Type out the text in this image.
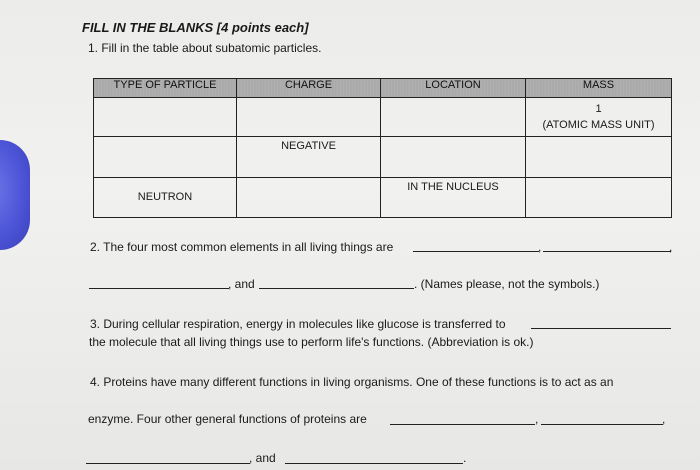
FILL IN THE BLANKS [4 points each]
1. Fill in the table about subatomic particles.
TYPE OF PARTICLE	CHARGE	LOCATION	MASS

			1
(ATOMIC MASS UNIT)

	NEGATIVE		
NEUTRON		IN THE NUCLEUS	
2. The four most common elements in all living things are	,	,
, and	. (Names please, not the symbols.)
3. During cellular respiration, energy in molecules like glucose is transferred to
the molecule that all living things use to perform life's functions. (Abbreviation is ok.)
4. Proteins have many different functions in living organisms. One of these functions is to act as an
enzyme. Four other general functions of proteins are	,	,
, and	.
